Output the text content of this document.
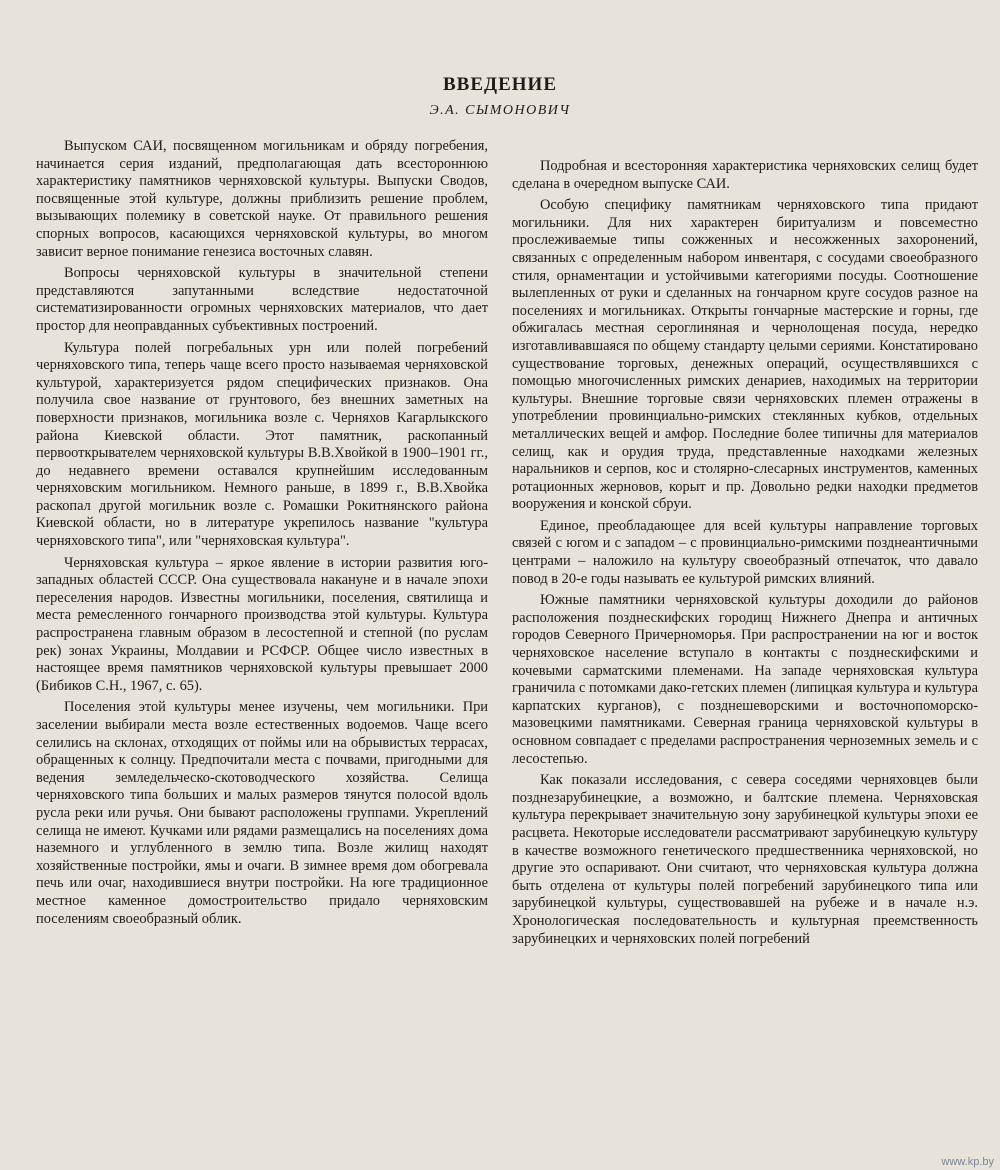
ВВЕДЕНИЕ
Э.А. СЫМОНОВИЧ

Выпуском САИ, посвященном могильникам и обряду погребения, начинается серия изданий, предполагающая дать всестороннюю характеристику памятников черняховской культуры. Выпуски Сводов, посвященные этой культуре, должны приблизить решение проблем, вызывающих полемику в советской науке. От правильного решения спорных вопросов, касающихся черняховской культуры, во многом зависит верное понимание генезиса восточных славян.

Вопросы черняховской культуры в значительной степени представляются запутанными вследствие недостаточной систематизированности огромных черняховских материалов, что дает простор для неоправданных субъективных построений.

Культура полей погребальных урн или полей погребений черняховского типа, теперь чаще всего просто называемая черняховской культурой, характеризуется рядом специфических признаков. Она получила свое название от грунтового, без внешних заметных на поверхности признаков, могильника возле с. Черняхов Кагарлыкского района Киевской области. Этот памятник, раскопанный первооткрывателем черняховской культуры В.В.Хвойкой в 1900–1901 гг., до недавнего времени оставался крупнейшим исследованным черняховским могильником. Немного раньше, в 1899 г., В.В.Хвойка раскопал другой могильник возле с. Ромашки Рокитнянского района Киевской области, но в литературе укрепилось название "культура черняховского типа", или "черняховская культура".

Черняховская культура – яркое явление в истории развития юго-западных областей СССР. Она существовала накануне и в начале эпохи переселения народов. Известны могильники, поселения, святилища и места ремесленного гончарного производства этой культуры. Культура распространена главным образом в лесостепной и степной (по руслам рек) зонах Украины, Молдавии и РСФСР. Общее число известных в настоящее время памятников черняховской культуры превышает 2000 (Бибиков С.Н., 1967, с. 65).

Поселения этой культуры менее изучены, чем могильники. При заселении выбирали места возле естественных водоемов. Чаще всего селились на склонах, отходящих от поймы или на обрывистых террасах, обращенных к солнцу. Предпочитали места с почвами, пригодными для ведения земледельческо-скотоводческого хозяйства. Селища черняховского типа больших и малых размеров тянутся полосой вдоль русла реки или ручья. Они бывают расположены группами. Укреплений селища не имеют. Кучками или рядами размещались на поселениях дома наземного и углубленного в землю типа. Возле жилищ находят хозяйственные постройки, ямы и очаги. В зимнее время дом обогревала печь или очаг, находившиеся внутри постройки. На юге традиционное местное каменное домостроительство придало черняховским поселениям своеобразный облик.

Подробная и всесторонняя характеристика черняховских селищ будет сделана в очередном выпуске САИ.

Особую специфику памятникам черняховского типа придают могильники. Для них характерен биритуализм и повсеместно прослеживаемые типы сожженных и несожженных захоронений, связанных с определенным набором инвентаря, с сосудами своеобразного стиля, орнаментации и устойчивыми категориями посуды. Соотношение вылепленных от руки и сделанных на гончарном круге сосудов разное на поселениях и могильниках. Открыты гончарные мастерские и горны, где обжигалась местная сероглиняная и чернолощеная посуда, нередко изготавливавшаяся по общему стандарту целыми сериями. Констатировано существование торговых, денежных операций, осуществлявшихся с помощью многочисленных римских денариев, находимых на территории культуры. Внешние торговые связи черняховских племен отражены в употреблении провинциально-римских стеклянных кубков, отдельных металлических вещей и амфор. Последние более типичны для материалов селищ, как и орудия труда, представленные находками железных наральников и серпов, кос и столярно-слесарных инструментов, каменных ротационных жерновов, корыт и пр. Довольно редки находки предметов вооружения и конской сбруи.

Единое, преобладающее для всей культуры направление торговых связей с югом и с западом – с провинциально-римскими позднеантичными центрами – наложило на культуру своеобразный отпечаток, что давало повод в 20-е годы называть ее культурой римских влияний.

Южные памятники черняховской культуры доходили до районов расположения позднескифских городищ Нижнего Днепра и античных городов Северного Причерноморья. При распространении на юг и восток черняховское население вступало в контакты с позднескифскими и кочевыми сарматскими племенами. На западе черняховская культура граничила с потомками дако-гетских племен (липицкая культура и культура карпатских курганов), с позднешеворскими и восточнопоморско-мазовецкими памятниками. Северная граница черняховской культуры в основном совпадает с пределами распространения черноземных земель и с лесостепью.

Как показали исследования, с севера соседями черняховцев были позднезарубинецкие, а возможно, и балтские племена. Черняховская культура перекрывает значительную зону зарубинецкой культуры эпохи ее расцвета. Некоторые исследователи рассматривают зарубинецкую культуру в качестве возможного генетического предшественника черняховской, но другие это оспаривают. Они считают, что черняховская культура должна быть отделена от культуры полей погребений зарубинецкого типа или зарубинецкой культуры, существовавшей на рубеже и в начале н.э. Хронологическая последовательность и культурная преемственность зарубинецких и черняховских полей погребений

www.kp.by
